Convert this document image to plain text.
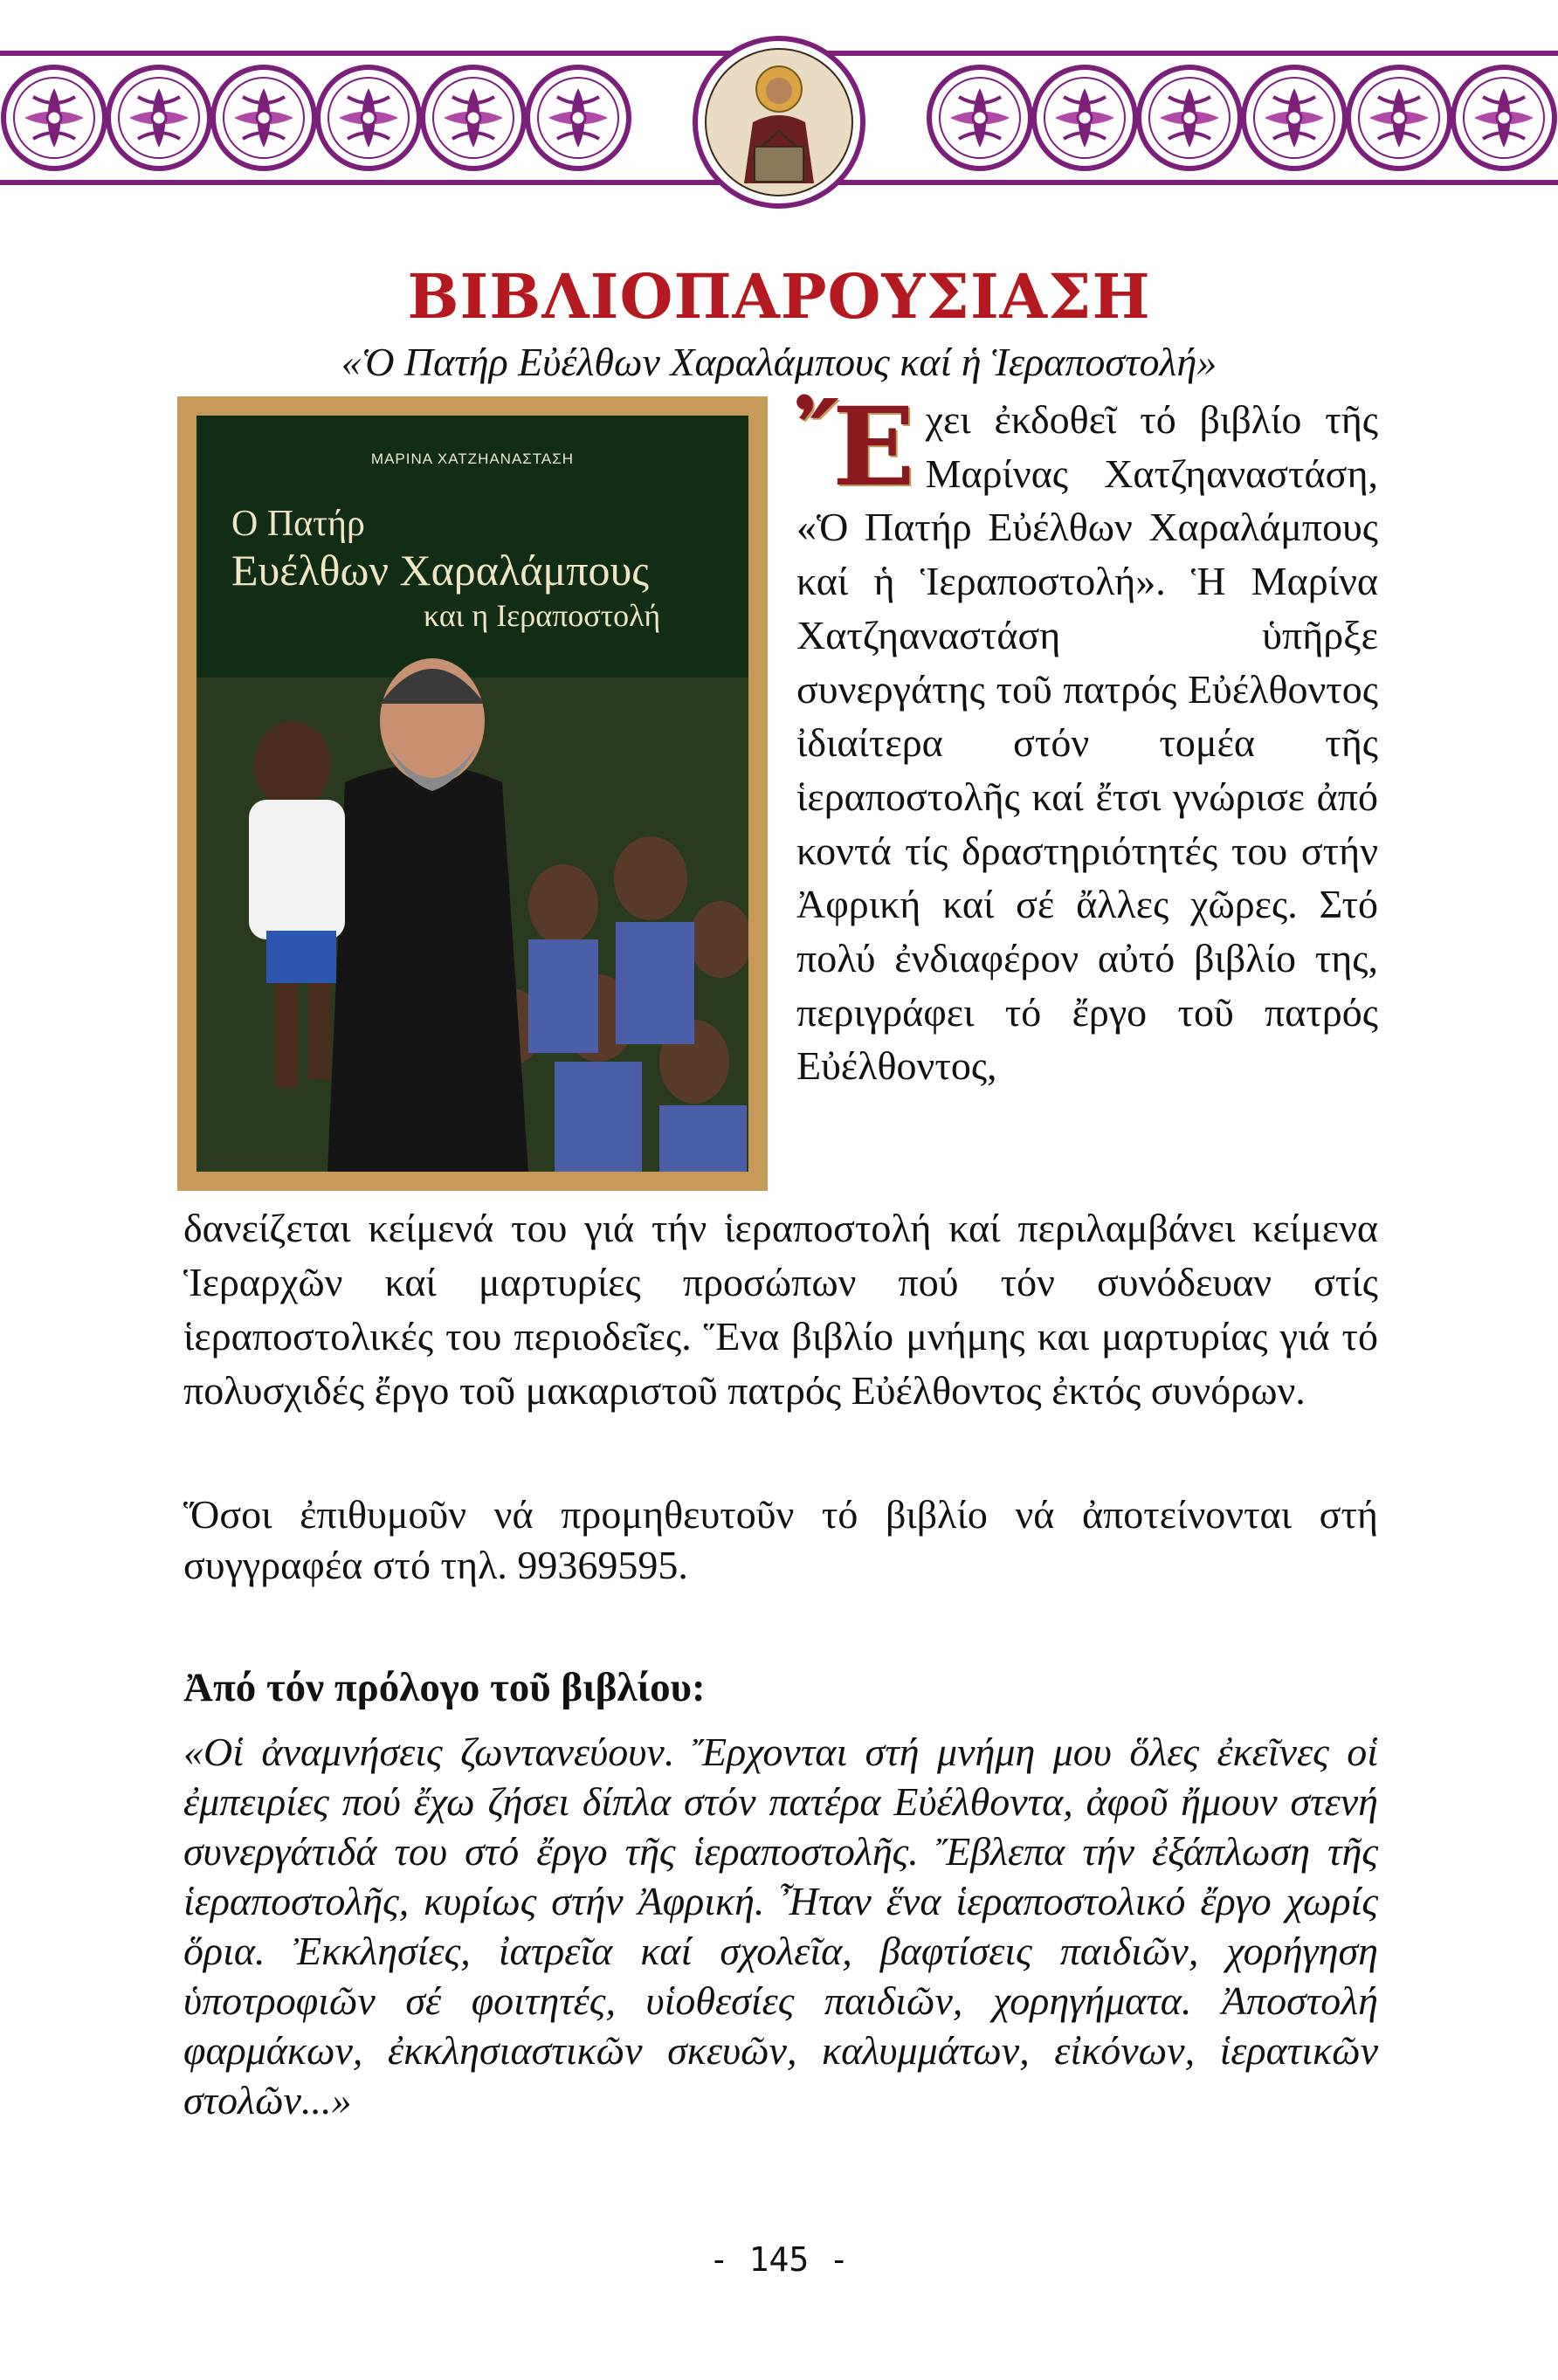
ΒΙΒΛΙΟΠΑΡΟΥΣΙΑΣΗ
«Ὁ Πατήρ Εὐέλθων Χαραλάμπους καί ἡ Ἱεραποστολή»
ΜΑΡΙΝΑ ΧΑΤΖΗΑΝΑΣΤΑΣΗ
Ο Πατήρ
Ευέλθων Χαραλάμπους
και η Ιεραποστολή
Ἔχει ἐκδοθεῖ τό βιβλίο τῆς Μαρίνας Χατζηαναστάση, «Ὁ Πατήρ Εὐέλθων Χαραλάμπους καί ἡ Ἱεραποστολή». Ἡ Μαρίνα Χατζηαναστάση ὑπῆρξε συνεργάτης τοῦ πατρός Εὐέλθοντος ἰδιαίτερα στόν τομέα τῆς ἱεραποστολῆς καί ἔτσι γνώρισε ἀπό κοντά τίς δραστηριότητές του στήν Ἀφρική καί σέ ἄλλες χῶρες. Στό πολύ ἐνδιαφέρον αὐτό βιβλίο της, περιγράφει τό ἔργο τοῦ πατρός Εὐέλθοντος,
δανείζεται κείμενά του γιά τήν ἱεραποστολή καί περιλαμβάνει κείμενα Ἱεραρχῶν καί μαρτυρίες προσώπων πού τόν συνόδευαν στίς ἱεραποστολικές του περιοδεῖες. Ἕνα βιβλίο μνήμης και μαρτυρίας γιά τό πολυσχιδές ἔργο τοῦ μακαριστοῦ πατρός Εὐέλθοντος ἐκτός συνόρων.
Ὅσοι ἐπιθυμοῦν νά προμηθευτοῦν τό βιβλίο νά ἀποτείνονται στή συγγραφέα στό τηλ. 99369595.
Ἀπό τόν πρόλογο τοῦ βιβλίου:
«Οἱ ἀναμνήσεις ζωντανεύουν. Ἔρχονται στή μνήμη μου ὅλες ἐκεῖνες οἱ ἐμπειρίες πού ἔχω ζήσει δίπλα στόν πατέρα Εὐέλθοντα, ἀφοῦ ἤμουν στενή συνεργάτιδά του στό ἔργο τῆς ἱεραποστολῆς. Ἔβλεπα τήν ἐξάπλωση τῆς ἱεραποστολῆς, κυρίως στήν Ἀφρική. Ἦταν ἕνα ἱεραποστολικό ἔργο χωρίς ὅρια. Ἐκκλησίες, ἰατρεῖα καί σχολεῖα, βαφτίσεις παιδιῶν, χορήγηση ὑποτροφιῶν σέ φοιτητές, υἱοθεσίες παιδιῶν, χορηγήματα. Ἀποστολή φαρμάκων, ἐκκλησιαστικῶν σκευῶν, καλυμμάτων, εἰκόνων, ἱερατικῶν στολῶν...»
- 145 -
